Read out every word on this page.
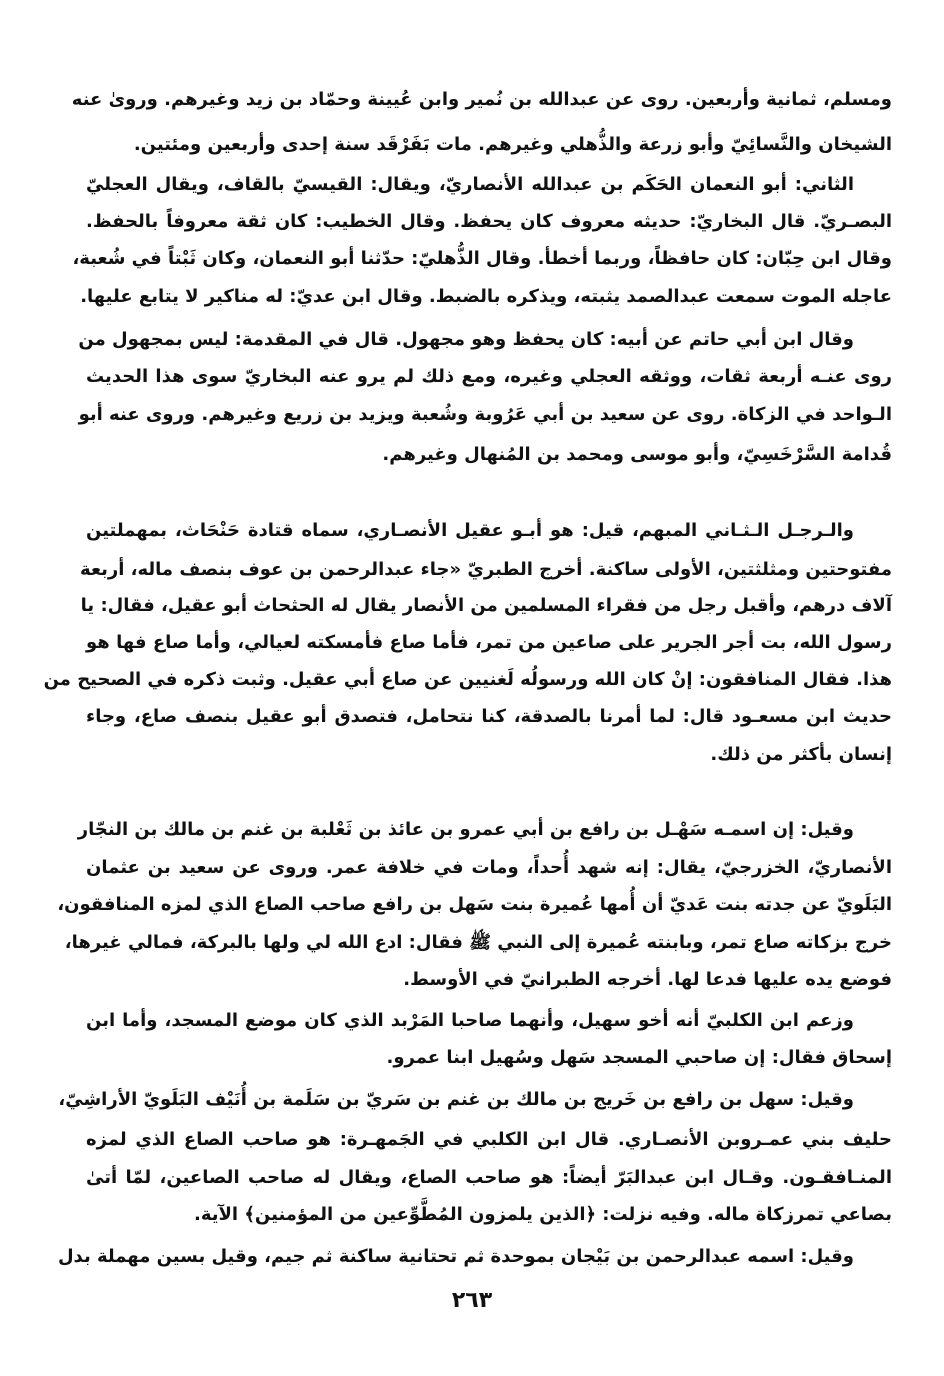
ومسلم، ثمانية وأربعين. روى عن عبدالله بن نُمير وابن عُيينة وحمّاد بن زيد وغيرهم. وروىٰ عنه
الشيخان والنَّسائِيّ وأبو زرعة والذُّهلي وغيرهم. مات بَفَرْقَد سنة إحدى وأربعين ومئتين.
الثاني: أبو النعمان الحَكَم بن عبدالله الأنصاريّ، ويقال: القيسيّ بالقاف، ويقال العجليّ
البصـريّ. قال البخاريّ: حديثه معروف كان يحفظ. وقال الخطيب: كان ثقة معروفاً بالحفظ.
وقال ابن حِبّان: كان حافظاً، وربما أخطأ. وقال الذُّهليّ: حدّثنا أبو النعمان، وكان ثَبْتاً في شُعبة،
عاجله الموت سمعت عبدالصمد يثبته، ويذكره بالضبط. وقال ابن عديّ: له مناكير لا يتابع عليها.
وقال ابن أبي حاتم عن أبيه: كان يحفظ وهو مجهول. قال في المقدمة: ليس بمجهول من
روى عنـه أربعة ثقات، ووثقه العجلي وغيره، ومع ذلك لم يرو عنه البخاريّ سوى هذا الحديث
الـواحد في الزكاة. روى عن سعيد بن أبي عَرُوبة وشُعبة ويزيد بن زريع وغيرهم. وروى عنه أبو
قُدامة السَّرْخَسِيّ، وأبو موسى ومحمد بن المُنهال وغيرهم.
والـرجـل الـثـاني المبهم، قيل: هو أبـو عقيل الأنصـاري، سماه قتادة حَنْحَاث، بمهملتين
مفتوحتين ومثلثتين، الأولى ساكنة. أخرج الطبريّ «جاء عبدالرحمن بن عوف بنصف ماله، أربعة
آلاف درهم، وأقبل رجل من فقراء المسلمين من الأنصار يقال له الحثحاث أبو عقيل، فقال: يا
رسول الله، بت أجر الجرير على صاعين من تمر، فأما صاع فأمسكته لعيالي، وأما صاع فها هو
هذا. فقال المنافقون: إنْ كان الله ورسولُه لَغنيين عن صاع أبي عقيل. وثبت ذكره في الصحيح من
حديث ابن مسعـود قال: لما أمرنا بالصدقة، كنا نتحامل، فتصدق أبو عقيل بنصف صاع، وجاء
إنسان بأكثر من ذلك.
وقيل: إن اسمـه سَهْـل بن رافع بن أبي عمرو بن عائذ بن ثَعْلبة بن غنم بن مالك بن النجّار
الأنصاريّ، الخزرجيّ، يقال: إنه شهد أُحداً، ومات في خلافة عمر. وروى عن سعيد بن عثمان
البَلَويّ عن جدته بنت عَديّ أن أُمها عُميرة بنت سَهل بن رافع صاحب الصاع الذي لمزه المنافقون،
خرج بزكاته صاع تمر، وبابنته عُميرة إلى النبي ﷺ فقال: ادع الله لي ولها بالبركة، فمالي غيرها،
فوضع يده عليها فدعا لها. أخرجه الطبرانيّ في الأوسط.
وزعم ابن الكلبيّ أنه أخو سهيل، وأنهما صاحبا المَرْبد الذي كان موضع المسجد، وأما ابن
إسحاق فقال: إن صاحبي المسجد سَهل وسُهيل ابنا عمرو.
وقيل: سهل بن رافع بن خَريج بن مالك بن غنم بن سَريّ بن سَلَمة بن أُنَيْف البَلَويّ الأراشِيّ،
حليف بني عمـروبن الأنصـاري. قال ابن الكلبي في الجَمهـرة: هو صاحب الصاع الذي لمزه
المنـافقـون. وقـال ابن عبدالبَرّ أيضاً: هو صاحب الصاع، ويقال له صاحب الصاعين، لمّا أتىٰ
بصاعي تمرزكاة ماله. وفيه نزلت: ﴿الذين يلمزون المُطَّوِّعين من المؤمنين﴾ الآية.
وقيل: اسمه عبدالرحمن بن بَيْجان بموحدة ثم تحتانية ساكنة ثم جيم، وقيل بسين مهملة بدل
٢٦٣
